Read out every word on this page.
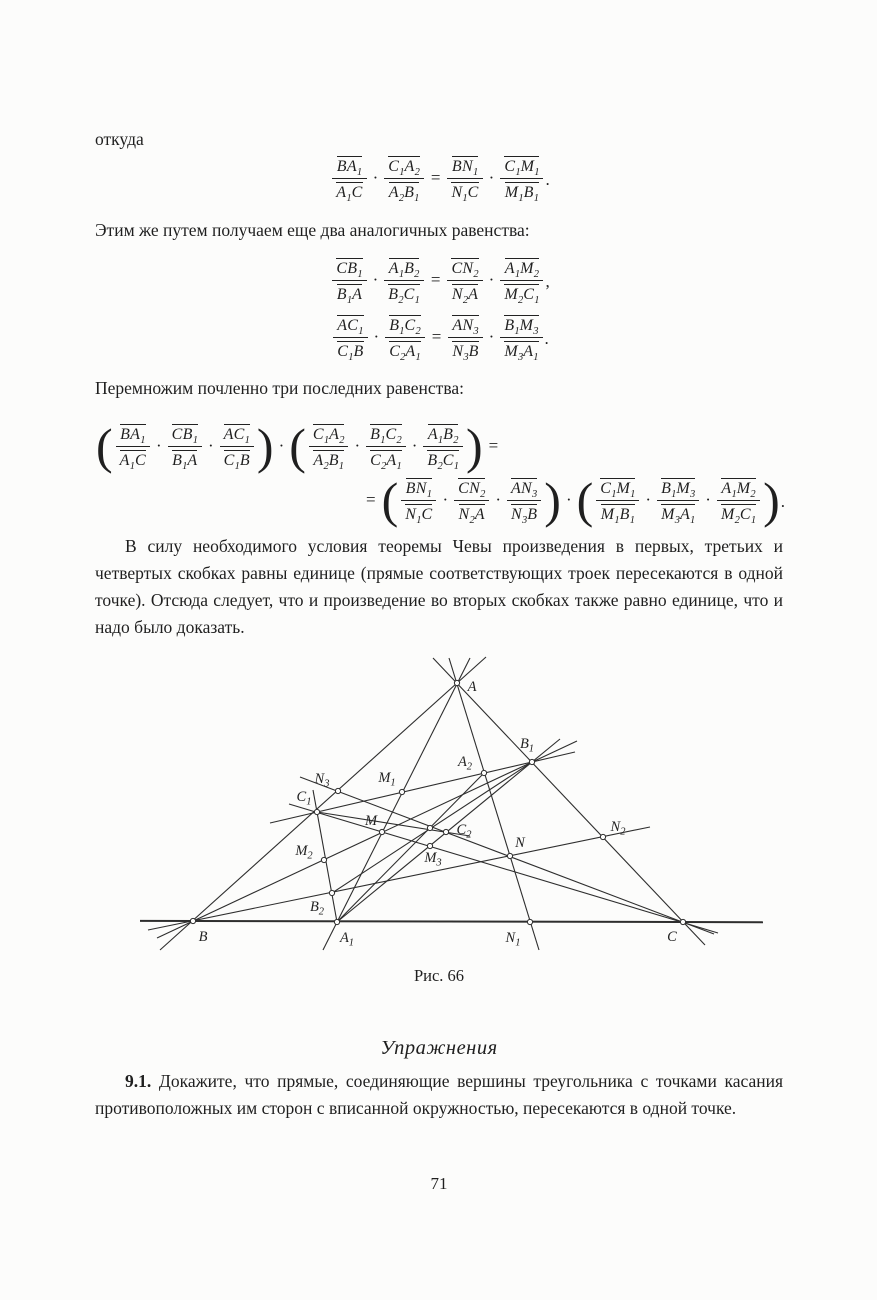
откуда
$\frac{BA_1}{A_1C} \cdot \frac{C_1A_2}{A_2B_1} = \frac{BN_1}{N_1C} \cdot \frac{C_1M_1}{M_1B_1}$ .
Этим же путем получаем еще два аналогичных равенства:
$\frac{CB_1}{B_1A} \cdot \frac{A_1B_2}{B_2C_1} = \frac{CN_2}{N_2A} \cdot \frac{A_1M_2}{M_2C_1}$ ,
$\frac{AC_1}{C_1B} \cdot \frac{B_1C_2}{C_2A_1} = \frac{AN_3}{N_3B} \cdot \frac{B_1M_3}{M_3A_1}$ .
Перемножим почленно три последних равенства:
( $\frac{BA_1}{A_1C} \cdot \frac{CB_1}{B_1A} \cdot \frac{AC_1}{C_1B}$ ) · ( $\frac{C_1A_2}{A_2B_1} \cdot \frac{B_1C_2}{C_2A_1} \cdot \frac{A_1B_2}{B_2C_1}$ ) =
= ( $\frac{BN_1}{N_1C} \cdot \frac{CN_2}{N_2A} \cdot \frac{AN_3}{N_3B}$ ) · ( $\frac{C_1M_1}{M_1B_1} \cdot \frac{B_1M_3}{M_3A_1} \cdot \frac{A_1M_2}{M_2C_1}$ ).
В силу необходимого условия теоремы Чевы произведения в первых, третьих и четвертых скобках равны единице (прямые соответствующих троек пересекаются в одной точке). Отсюда следует, что и произведение во вторых скобках также равно единице, что и надо было доказать.
A
B	C
$A_1$	$N_1$
$B_1$
$A_2$
$N_2$
$N_3$	$M_1$
$C_1$
M
$C_2$
$M_2$	$M_3$
N
$B_2$
Рис. 66
Упражнения
9.1. Докажите, что прямые, соединяющие вершины треугольника с точками касания противоположных им сторон с вписанной окружностью, пересекаются в одной точке.
71
